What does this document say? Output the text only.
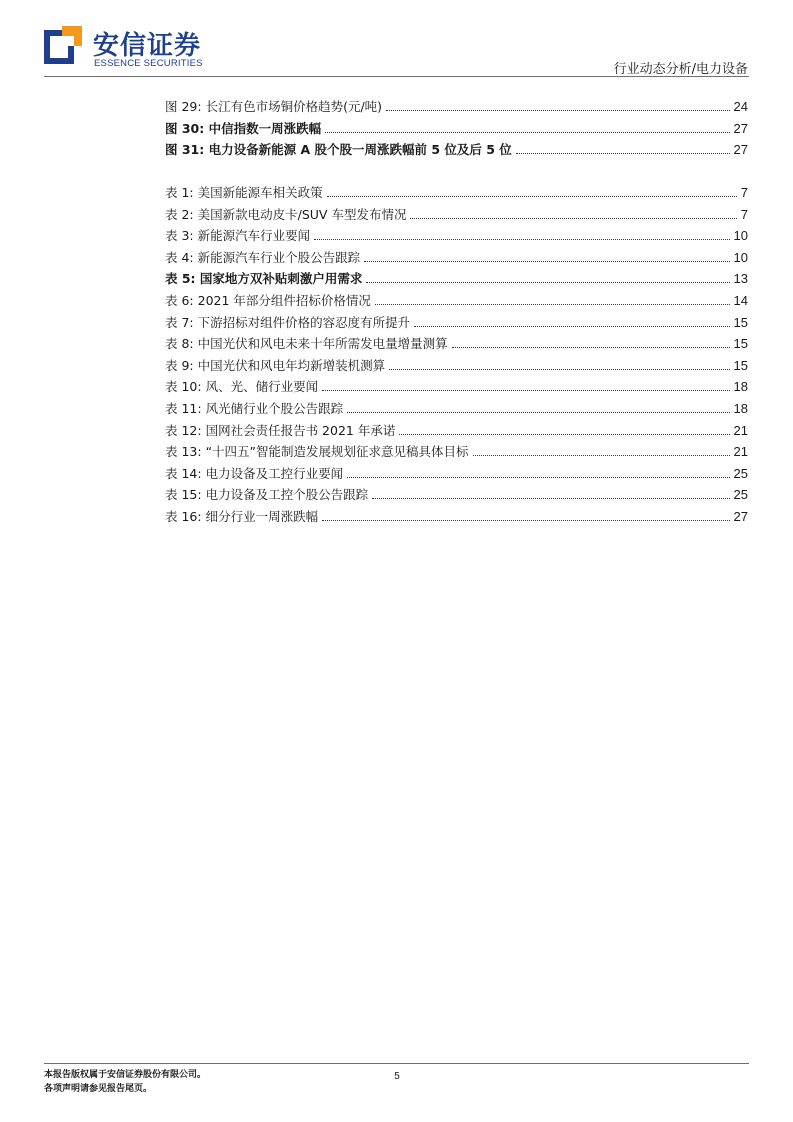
安信证券
ESSENCE SECURITIES	行业动态分析/电力设备
图 29: 长江有色市场铜价格趋势(元/吨)	24
图 30: 中信指数一周涨跌幅	27
图 31: 电力设备新能源 A 股个股一周涨跌幅前 5 位及后 5 位	27
表 1: 美国新能源车相关政策	7
表 2: 美国新款电动皮卡/SUV 车型发布情况	7
表 3: 新能源汽车行业要闻	10
表 4: 新能源汽车行业个股公告跟踪	10
表 5: 国家地方双补贴刺激户用需求	13
表 6: 2021 年部分组件招标价格情况	14
表 7: 下游招标对组件价格的容忍度有所提升	15
表 8: 中国光伏和风电未来十年所需发电量增量测算	15
表 9: 中国光伏和风电年均新增装机测算	15
表 10: 风、光、储行业要闻	18
表 11: 风光储行业个股公告跟踪	18
表 12: 国网社会责任报告书 2021 年承诺	21
表 13: “十四五”智能制造发展规划征求意见稿具体目标	21
表 14: 电力设备及工控行业要闻	25
表 15: 电力设备及工控个股公告跟踪	25
表 16: 细分行业一周涨跌幅	27
本报告版权属于安信证券股份有限公司。
各项声明请参见报告尾页。
5
